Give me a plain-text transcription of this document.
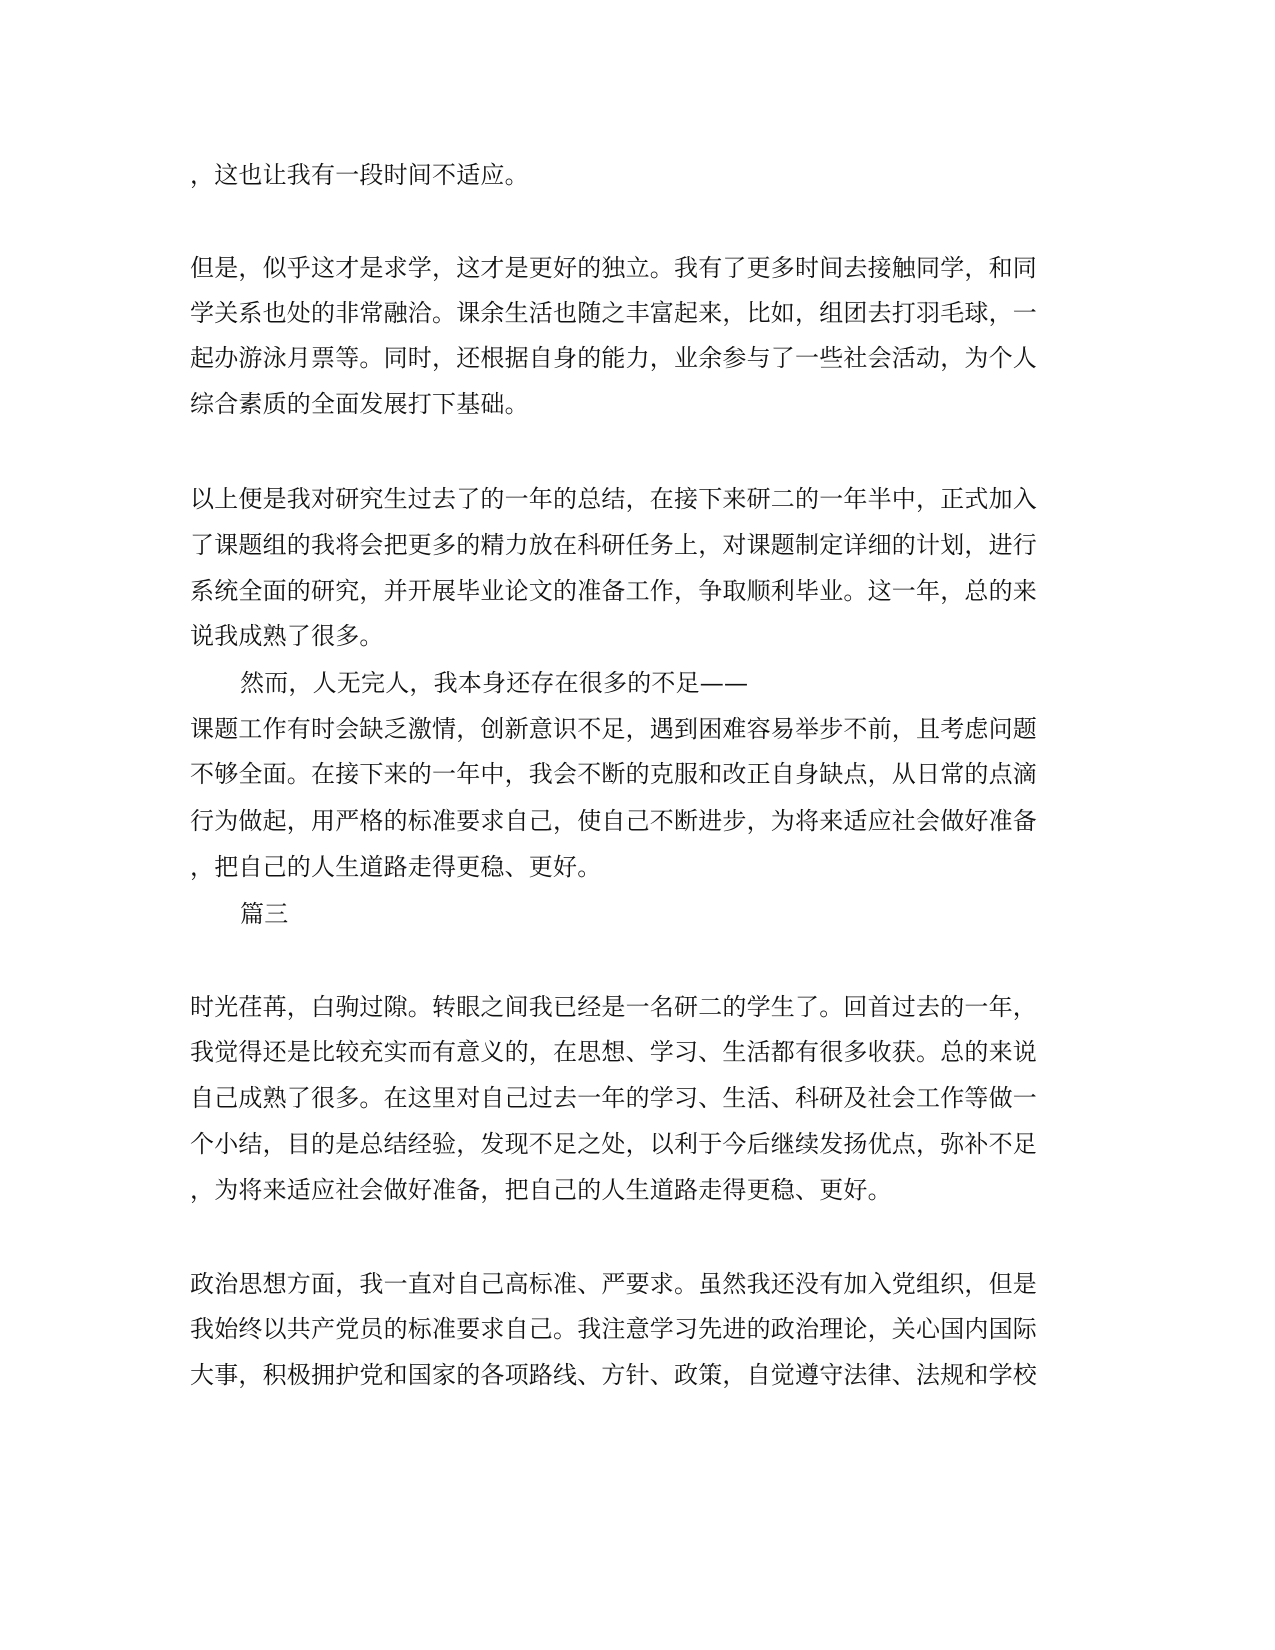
，这也让我有一段时间不适应。
但是，似乎这才是求学，这才是更好的独立。我有了更多时间去接触同学，和同
学关系也处的非常融洽。课余生活也随之丰富起来，比如，组团去打羽毛球，一
起办游泳月票等。同时，还根据自身的能力，业余参与了一些社会活动，为个人
综合素质的全面发展打下基础。
以上便是我对研究生过去了的一年的总结，在接下来研二的一年半中，正式加入
了课题组的我将会把更多的精力放在科研任务上，对课题制定详细的计划，进行
系统全面的研究，并开展毕业论文的准备工作，争取顺利毕业。这一年，总的来
说我成熟了很多。
然而，人无完人，我本身还存在很多的不足——
课题工作有时会缺乏激情，创新意识不足，遇到困难容易举步不前，且考虑问题
不够全面。在接下来的一年中，我会不断的克服和改正自身缺点，从日常的点滴
行为做起，用严格的标准要求自己，使自己不断进步，为将来适应社会做好准备
，把自己的人生道路走得更稳、更好。
篇三
时光荏苒，白驹过隙。转眼之间我已经是一名研二的学生了。回首过去的一年，
我觉得还是比较充实而有意义的，在思想、学习、生活都有很多收获。总的来说
自己成熟了很多。在这里对自己过去一年的学习、生活、科研及社会工作等做一
个小结，目的是总结经验，发现不足之处，以利于今后继续发扬优点，弥补不足
，为将来适应社会做好准备，把自己的人生道路走得更稳、更好。
政治思想方面，我一直对自己高标准、严要求。虽然我还没有加入党组织，但是
我始终以共产党员的标准要求自己。我注意学习先进的政治理论，关心国内国际
大事，积极拥护党和国家的各项路线、方针、政策，自觉遵守法律、法规和学校
